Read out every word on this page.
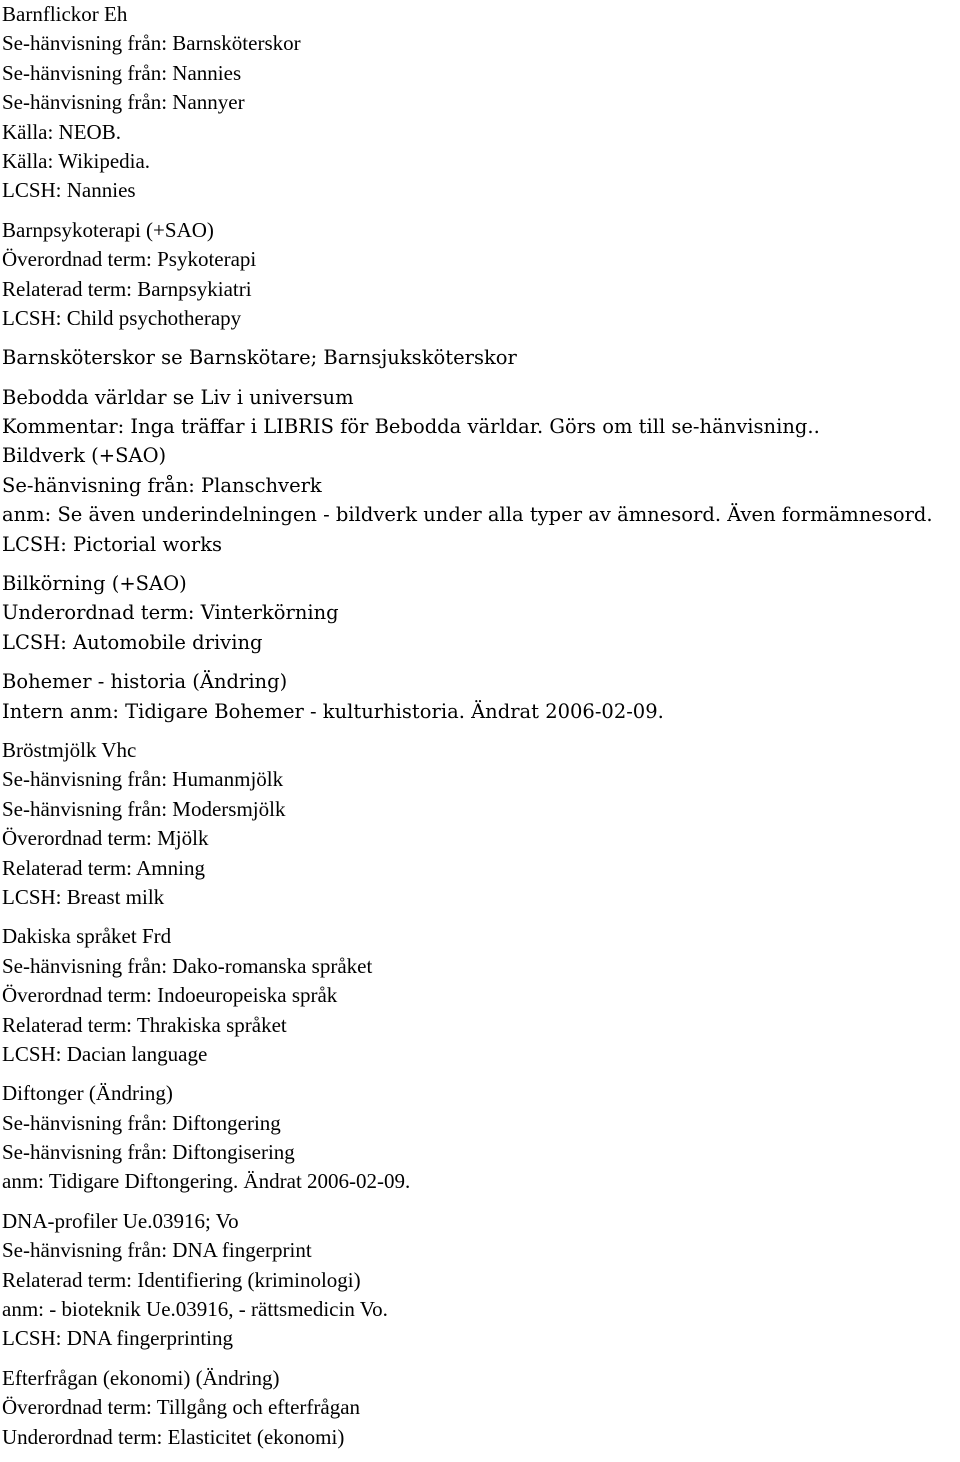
Barnflickor Eh
Se-hänvisning från: Barnsköterskor
Se-hänvisning från: Nannies
Se-hänvisning från: Nannyer
Källa: NEOB.
Källa: Wikipedia.
LCSH: Nannies
Barnpsykoterapi (+SAO)
Överordnad term: Psykoterapi
Relaterad term: Barnpsykiatri
LCSH: Child psychotherapy
Barnsköterskor se Barnskötare; Barnsjuksköterskor
Bebodda världar se Liv i universum
Kommentar: Inga träffar i LIBRIS för Bebodda världar. Görs om till se-hänvisning..
Bildverk (+SAO)
Se-hänvisning från: Planschverk
anm: Se även underindelningen - bildverk under alla typer av ämnesord. Även formämnesord.
LCSH: Pictorial works
Bilkörning (+SAO)
Underordnad term: Vinterkörning
LCSH: Automobile driving
Bohemer - historia (Ändring)
Intern anm: Tidigare Bohemer - kulturhistoria. Ändrat 2006-02-09.
Bröstmjölk Vhc
Se-hänvisning från: Humanmjölk
Se-hänvisning från: Modersmjölk
Överordnad term: Mjölk
Relaterad term: Amning
LCSH: Breast milk
Dakiska språket Frd
Se-hänvisning från: Dako-romanska språket
Överordnad term: Indoeuropeiska språk
Relaterad term: Thrakiska språket
LCSH: Dacian language
Diftonger (Ändring)
Se-hänvisning från: Diftongering
Se-hänvisning från: Diftongisering
anm: Tidigare Diftongering. Ändrat 2006-02-09.
DNA-profiler Ue.03916; Vo
Se-hänvisning från: DNA fingerprint
Relaterad term: Identifiering (kriminologi)
anm: - bioteknik Ue.03916, - rättsmedicin Vo.
LCSH: DNA fingerprinting
Efterfrågan (ekonomi) (Ändring)
Överordnad term: Tillgång och efterfrågan
Underordnad term: Elasticitet (ekonomi)
